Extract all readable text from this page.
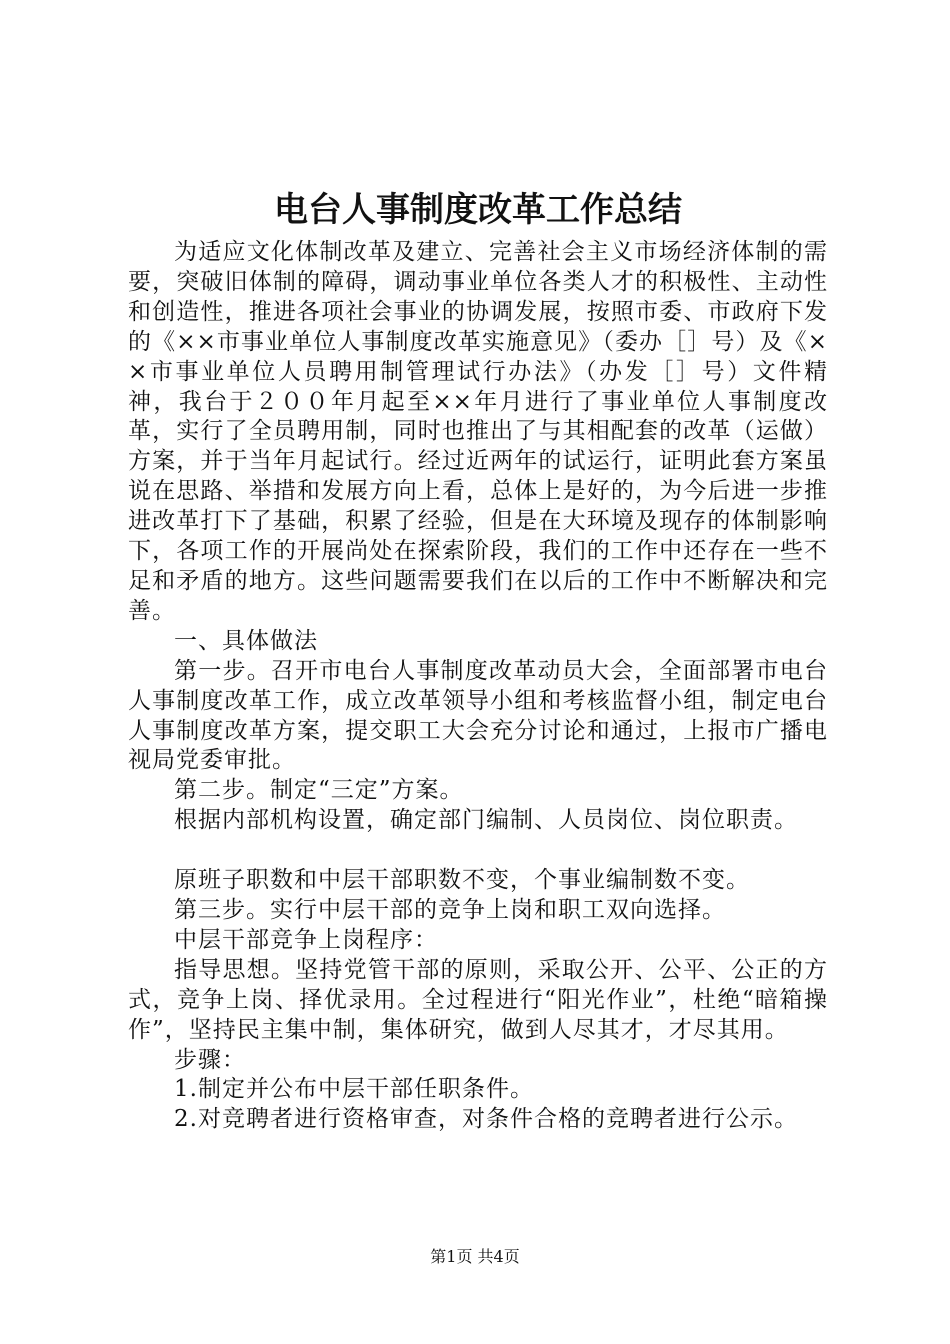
电台人事制度改革工作总结

为适应文化体制改革及建立、完善社会主义市场经济体制的需要，突破旧体制的障碍，调动事业单位各类人才的积极性、主动性和创造性，推进各项社会事业的协调发展，按照市委、市政府下发的《××市事业单位人事制度改革实施意见》（委办［］号）及《××市事业单位人员聘用制管理试行办法》（办发［］号）文件精神，我台于２００年月起至××年月进行了事业单位人事制度改革，实行了全员聘用制，同时也推出了与其相配套的改革（运做）方案，并于当年月起试行。经过近两年的试运行，证明此套方案虽说在思路、举措和发展方向上看，总体上是好的，为今后进一步推进改革打下了基础，积累了经验，但是在大环境及现存的体制影响下，各项工作的开展尚处在探索阶段，我们的工作中还存在一些不足和矛盾的地方。这些问题需要我们在以后的工作中不断解决和完善。

一、具体做法

第一步。召开市电台人事制度改革动员大会，全面部署市电台人事制度改革工作，成立改革领导小组和考核监督小组，制定电台人事制度改革方案，提交职工大会充分讨论和通过，上报市广播电视局党委审批。

第二步。制定“三定”方案。

根据内部机构设置，确定部门编制、人员岗位、岗位职责。

原班子职数和中层干部职数不变，个事业编制数不变。

第三步。实行中层干部的竞争上岗和职工双向选择。

中层干部竞争上岗程序：

指导思想。坚持党管干部的原则，采取公开、公平、公正的方式，竞争上岗、择优录用。全过程进行“阳光作业”，杜绝“暗箱操作”，坚持民主集中制，集体研究，做到人尽其才，才尽其用。

步骤：

1.制定并公布中层干部任职条件。

2.对竞聘者进行资格审查，对条件合格的竞聘者进行公示。

第1页 共4页
